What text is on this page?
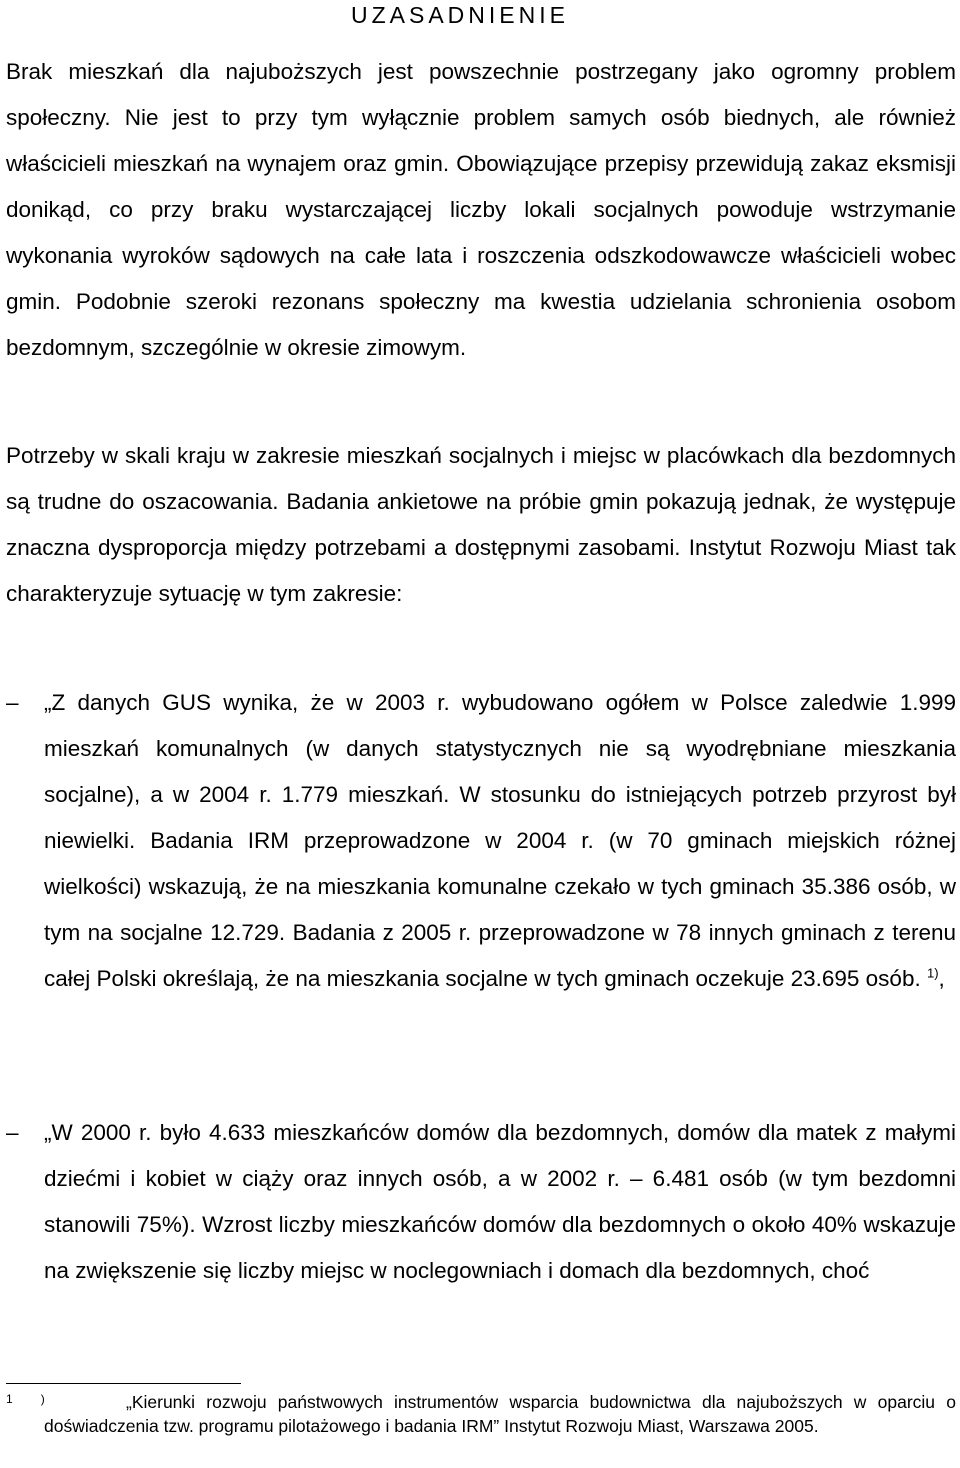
UZASADNIENIE

Brak mieszkań dla najuboższych jest powszechnie postrzegany jako ogromny problem społeczny. Nie jest to przy tym wyłącznie problem samych osób biednych, ale również właścicieli mieszkań na wynajem oraz gmin. Obowiązujące przepisy przewidują zakaz eksmisji donikąd, co przy braku wystarczającej liczby lokali socjalnych powoduje wstrzymanie wykonania wyroków sądowych na całe lata i roszczenia odszkodowawcze właścicieli wobec gmin. Podobnie szeroki rezonans społeczny ma kwestia udzielania schronienia osobom bezdomnym, szczególnie w okresie zimowym.

Potrzeby w skali kraju w zakresie mieszkań socjalnych i miejsc w placówkach dla bezdomnych są trudne do oszacowania. Badania ankietowe na próbie gmin pokazują jednak, że występuje znaczna dysproporcja między potrzebami a dostępnymi zasobami. Instytut Rozwoju Miast tak charakteryzuje sytuację w tym zakresie:

– „Z danych GUS wynika, że w 2003 r. wybudowano ogółem w Polsce zaledwie 1.999 mieszkań komunalnych (w danych statystycznych nie są wyodrębniane mieszkania socjalne), a w 2004 r. 1.779 mieszkań. W stosunku do istniejących potrzeb przyrost był niewielki. Badania IRM przeprowadzone w 2004 r. (w 70 gminach miejskich różnej wielkości) wskazują, że na mieszkania komunalne czekało w tych gminach 35.386 osób, w tym na socjalne 12.729. Badania z 2005 r. przeprowadzone w 78 innych gminach z terenu całej Polski określają, że na mieszkania socjalne w tych gminach oczekuje 23.695 osób. $^{1)}$,

– „W 2000 r. było 4.633 mieszkańców domów dla bezdomnych, domów dla matek z małymi dziećmi i kobiet w ciąży oraz innych osób, a w 2002 r. – 6.481 osób (w tym bezdomni stanowili 75%). Wzrost liczby mieszkańców domów dla bezdomnych o około 40% wskazuje na zwiększenie się liczby miejsc w noclegowniach i domach dla bezdomnych, choć

1 )	„Kierunki rozwoju państwowych instrumentów wsparcia budownictwa dla najuboższych w oparciu o doświadczenia tzw. programu pilotażowego i badania IRM” Instytut Rozwoju Miast, Warszawa 2005.
